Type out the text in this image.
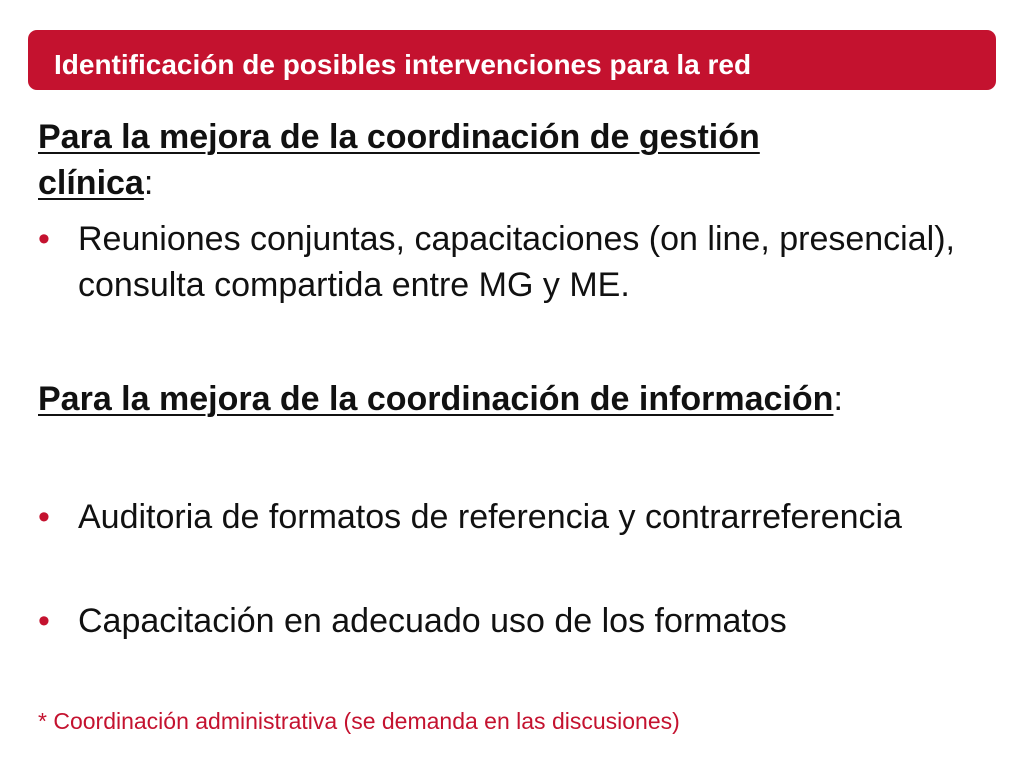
Identificación de posibles intervenciones para la red
Para la mejora de la coordinación de gestión
clínica:
• Reuniones conjuntas, capacitaciones (on line, presencial), consulta compartida entre MG y ME.
Para la mejora de la coordinación de información:
• Auditoria de formatos de referencia y contrarreferencia
• Capacitación en adecuado uso de los formatos
* Coordinación administrativa (se demanda en las discusiones)
